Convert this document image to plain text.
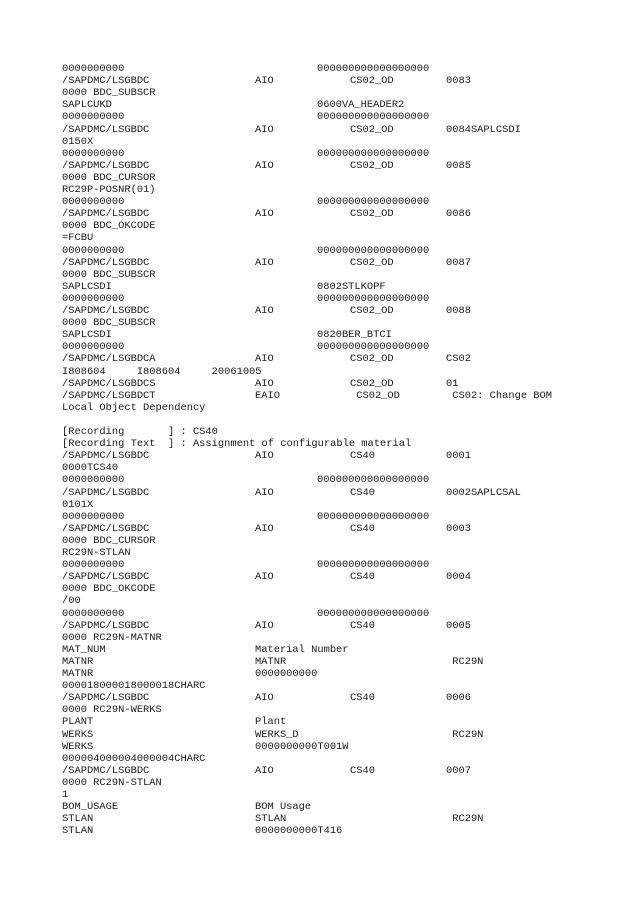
0000000000	000000000000000000
/SAPDMC/LSGBDC	AIO	CS02_OD	0083
0000 BDC_SUBSCR
SAPLCUKD	0600VA_HEADER2
0000000000	000000000000000000
/SAPDMC/LSGBDC	AIO	CS02_OD	0084SAPLCSDI
0150X
0000000000	000000000000000000
/SAPDMC/LSGBDC	AIO	CS02_OD	0085
0000 BDC_CURSOR
RC29P-POSNR(01)
0000000000	000000000000000000
/SAPDMC/LSGBDC	AIO	CS02_OD	0086
0000 BDC_OKCODE
=FCBU
0000000000	000000000000000000
/SAPDMC/LSGBDC	AIO	CS02_OD	0087
0000 BDC_SUBSCR
SAPLCSDI	0802STLKOPF
0000000000	000000000000000000
/SAPDMC/LSGBDC	AIO	CS02_OD	0088
0000 BDC_SUBSCR
SAPLCSDI	0820BER_BTCI
0000000000	000000000000000000
/SAPDMC/LSGBDCA	AIO	CS02_OD	CS02
I808604     I808604     20061005
/SAPDMC/LSGBDCS	AIO	CS02_OD	01
/SAPDMC/LSGBDCT	EAIO	CS02_OD	CS02: Change BOM
Local Object Dependency
[Recording       ] : CS40
[Recording Text  ] : Assignment of configurable material
/SAPDMC/LSGBDC	AIO	CS40	0001
0000TCS40
0000000000	000000000000000000
/SAPDMC/LSGBDC	AIO	CS40	0002SAPLCSAL
0101X
0000000000	000000000000000000
/SAPDMC/LSGBDC	AIO	CS40	0003
0000 BDC_CURSOR
RC29N-STLAN
0000000000	000000000000000000
/SAPDMC/LSGBDC	AIO	CS40	0004
0000 BDC_OKCODE
/00
0000000000	000000000000000000
/SAPDMC/LSGBDC	AIO	CS40	0005
0000 RC29N-MATNR
MAT_NUM	Material Number
MATNR	MATNR	RC29N
MATNR	0000000000
000018000018000018CHARC
/SAPDMC/LSGBDC	AIO	CS40	0006
0000 RC29N-WERKS
PLANT	Plant
WERKS	WERKS_D	RC29N
WERKS	0000000000T001W
000004000004000004CHARC
/SAPDMC/LSGBDC	AIO	CS40	0007
0000 RC29N-STLAN
1
BOM_USAGE	BOM Usage
STLAN	STLAN	RC29N
STLAN	0000000000T416
